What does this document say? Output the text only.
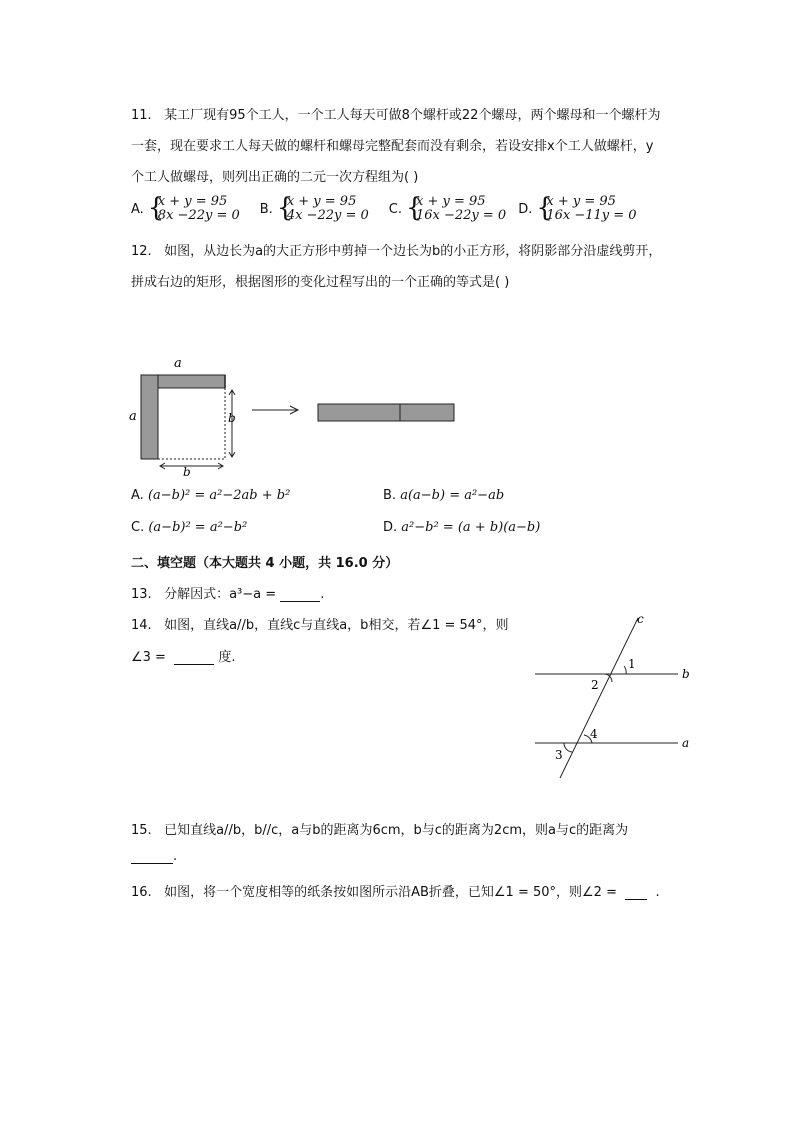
11. 某工厂现有95个工人，一个工人每天可做8个螺杆或22个螺母，两个螺母和一个螺杆为
一套，现在要求工人每天做的螺杆和螺母完整配套而没有剩余，若设安排x个工人做螺杆，y
个工人做螺母，则列出正确的二元一次方程组为( )
A. {
x + y = 95
8x −22y = 0 B. {
x + y = 95
4x −22y = 0 C. {
x + y = 95
16x −22y = 0 D. {
x + y = 95
16x −11y = 0
12. 如图，从边长为a的大正方形中剪掉一个边长为b的小正方形，将阴影部分沿虚线剪开，
拼成右边的矩形，根据图形的变化过程写出的一个正确的等式是( )
a
a	b
b
A. (a−b)² = a²−2ab + b²	B. a(a−b) = a²−ab
C. (a−b)² = a²−b²	D. a²−b² = (a + b)(a−b)
二、填空题（本大题共 4 小题，共 16.0 分）
13. 分解因式：a³−a =	.
14. 如图，直线a//b，直线c与直线a，b相交，若∠1 = 54°，则
∠3 =	度.
c
b
a
1
2
4
3
15. 已知直线a//b，b//c，a与b的距离为6cm，b与c的距离为2cm，则a与c的距离为
.
16. 如图，将一个宽度相等的纸条按如图所示沿AB折叠，已知∠1 = 50°，则∠2 =	.
